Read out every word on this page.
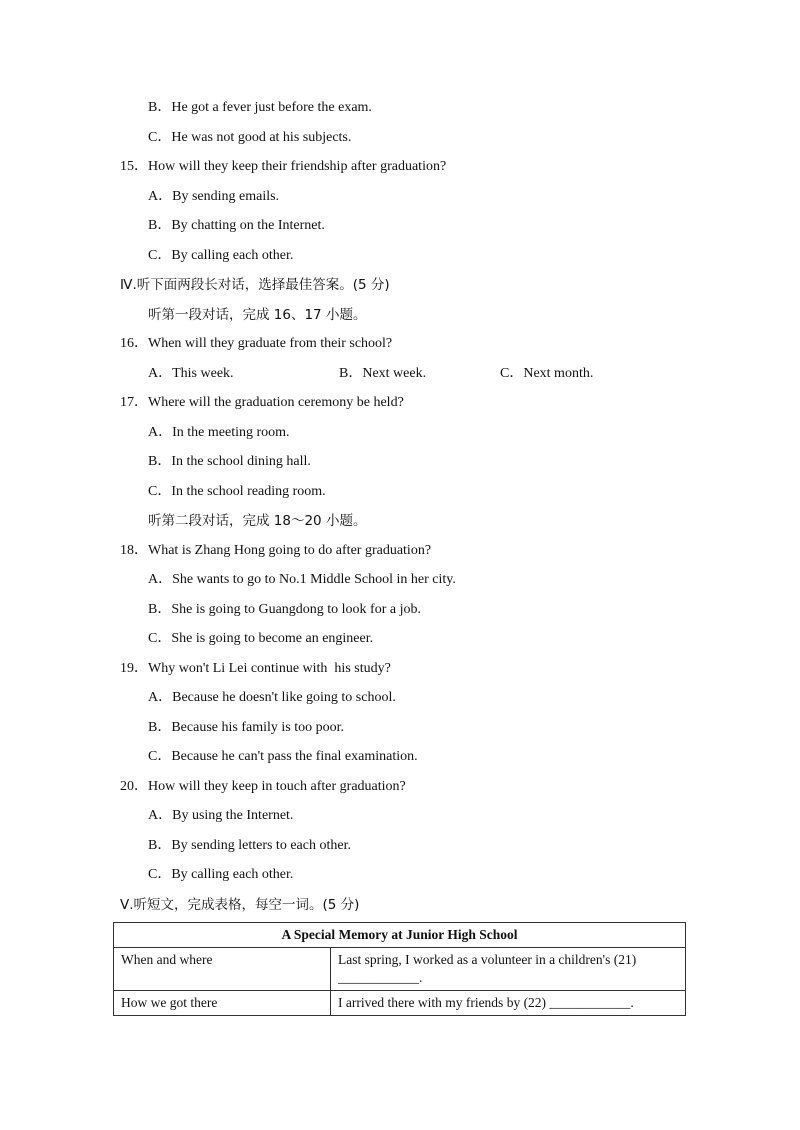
B．He got a fever just before the exam.
C．He was not good at his subjects.
15．How will they keep their friendship after graduation?
A．By sending emails.
B．By chatting on the Internet.
C．By calling each other.
Ⅳ.听下面两段长对话，选择最佳答案。(5 分)
听第一段对话，完成 16、17 小题。
16．When will they graduate from their school?
A．This week.	B．Next week.	C．Next month.
17．Where will the graduation ceremony be held?
A．In the meeting room.
B．In the school dining hall.
C．In the school reading room.
听第二段对话，完成 18～20 小题。
18．What is Zhang Hong going to do after graduation?
A．She wants to go to No.1 Middle School in her city.
B．She is going to Guangdong to look for a job.
C．She is going to become an engineer.
19．Why won't Li Lei continue with  his study?
A．Because he doesn't like going to school.
B．Because his family is too poor.
C．Because he can't pass the final examination.
20．How will they keep in touch after graduation?
A．By using the Internet.
B．By sending letters to each other.
C．By calling each other.
Ⅴ.听短文，完成表格，每空一词。(5 分)
A Special Memory at Junior High School	
When and where	Last spring, I worked as a volunteer in a children's (21)
____________.

How we got there	I arrived there with my friends by (22) ____________.
